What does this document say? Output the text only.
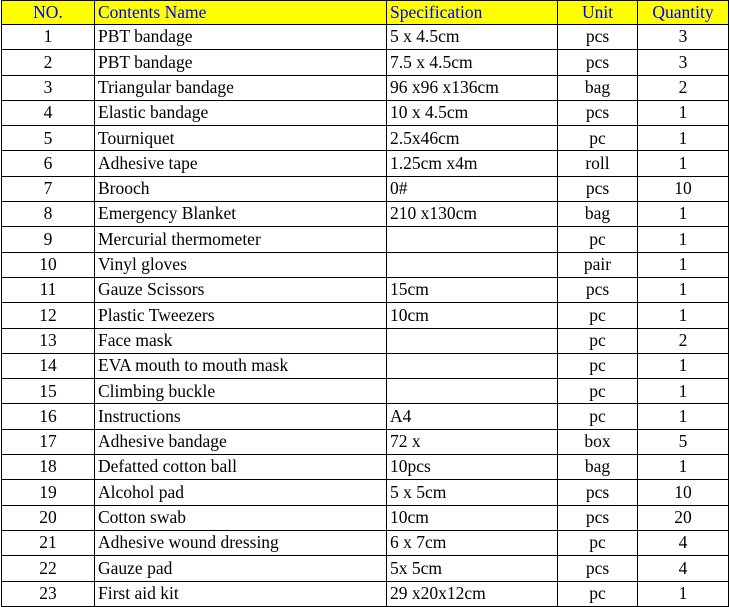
NO.	Contents Name	Specification	Unit	Quantity
1	PBT bandage	5 x 4.5cm	pcs	3
2	PBT bandage	7.5 x 4.5cm	pcs	3
3	Triangular bandage	96 x96 x136cm	bag	2
4	Elastic bandage	10 x 4.5cm	pcs	1
5	Tourniquet	2.5x46cm	pc	1
6	Adhesive tape	1.25cm x4m	roll	1
7	Brooch	0#	pcs	10
8	Emergency Blanket	210 x130cm	bag	1
9	Mercurial thermometer		pc	1
10	Vinyl gloves		pair	1
11	Gauze Scissors	15cm	pcs	1
12	Plastic Tweezers	10cm	pc	1
13	Face mask		pc	2
14	EVA mouth to mouth mask		pc	1
15	Climbing buckle		pc	1
16	Instructions	A4	pc	1
17	Adhesive bandage	72 x	box	5
18	Defatted cotton ball	10pcs	bag	1
19	Alcohol pad	5 x 5cm	pcs	10
20	Cotton swab	10cm	pcs	20
21	Adhesive wound dressing	6 x 7cm	pc	4
22	Gauze pad	5x 5cm	pcs	4
23	First aid kit	29 x20x12cm	pc	1
